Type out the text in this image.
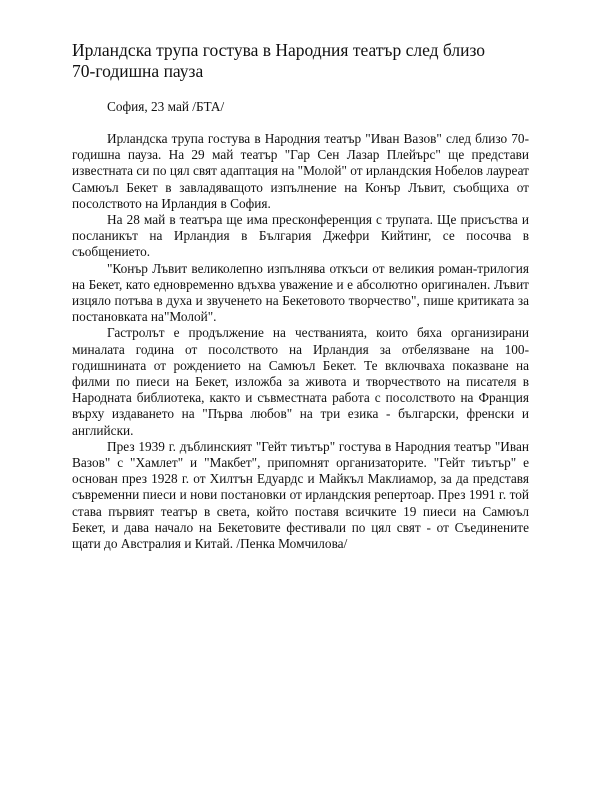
Ирландска трупа гостува в Народния театър след близо 70-годишна пауза

София, 23 май /БТА/

Ирландска трупа гостува в Народния театър "Иван Вазов" след близо 70-годишна пауза. На 29 май театър "Гар Сен Лазар Плейърс" ще представи известната си по цял свят адаптация на "Молой" от ирландския Нобелов лауреат Самюъл Бекет в завладяващото изпълнение на Конър Лъвит, съобщиха от посолството на Ирландия в София.

На 28 май в театъра ще има пресконференция с трупата. Ще присъства и посланикът на Ирландия в България Джефри Кийтинг, се посочва в съобщението.

"Конър Лъвит великолепно изпълнява откъси от великия роман-трилогия на Бекет, като едновременно вдъхва уважение и е абсолютно оригинален. Лъвит изцяло потъва в духа и звученето на Бекетовото творчество", пише критиката за постановката на"Молой".

Гастролът е продължение на честванията, които бяха организирани миналата година от посолството на Ирландия за отбелязване на 100-годишнината от рождението на Самюъл Бекет. Те включваха показване на филми по пиеси на Бекет, изложба за живота и творчеството на писателя в Народната библиотека, както и съвместната работа с посолството на Франция върху издаването на "Първа любов" на три езика - български, френски и английски.

През 1939 г. дъблинският "Гейт тиътър" гостува в Народния театър "Иван Вазов" с "Хамлет" и "Макбет", припомнят организаторите. "Гейт тиътър" е основан през 1928 г. от Хилтън Едуардс и Майкъл Маклиамор, за да представя съвременни пиеси и нови постановки от ирландския репертоар. През 1991 г. той става първият театър в света, който поставя всичките 19 пиеси на Самюъл Бекет, и дава начало на Бекетовите фестивали по цял свят - от Съединените щати до Австралия и Китай. /Пенка Момчилова/
